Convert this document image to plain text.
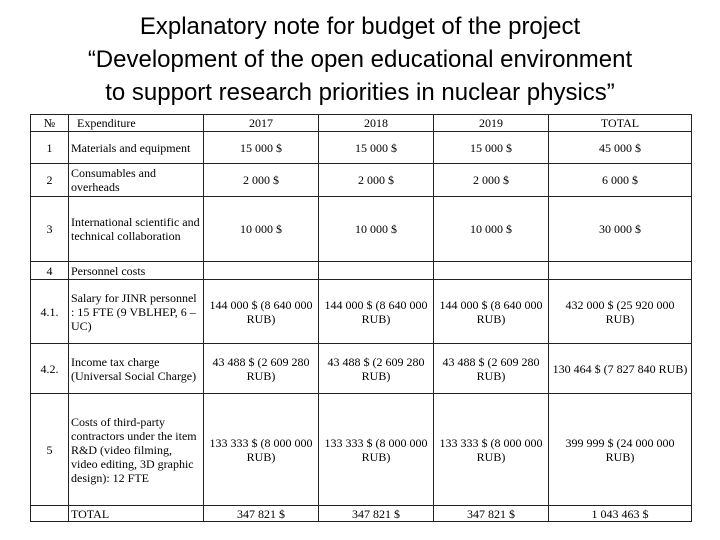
Explanatory note for budget of the project
“Development of the open educational environment
to support research priorities in nuclear physics”
№	Expenditure	2017	2018	2019	TOTAL
1	Materials and equipment	15 000 $	15 000 $	15 000 $	45 000 $
2	Consumables and overheads	2 000 $	2 000 $	2 000 $	6 000 $
3	International scientific and technical collaboration	10 000 $	10 000 $	10 000 $	30 000 $
4	Personnel costs				
4.1.	Salary for JINR personnel : 15 FTE (9 VBLHEP, 6 – UC)	144 000 $ (8 640 000 RUB)	144 000 $ (8 640 000 RUB)	144 000 $ (8 640 000 RUB)	432 000 $ (25 920 000 RUB)
4.2.	Income tax charge (Universal Social Charge)	43 488 $ (2 609 280 RUB)	43 488 $ (2 609 280 RUB)	43 488 $ (2 609 280 RUB)	130 464 $ (7 827 840 RUB)
5	Costs of third-party contractors under the item R&D (video filming, video editing, 3D graphic design): 12 FTE	133 333 $ (8 000 000 RUB)	133 333 $ (8 000 000 RUB)	133 333 $ (8 000 000 RUB)	399 999 $ (24 000 000 RUB)
	TOTAL	347 821 $	347 821 $	347 821 $	1 043 463 $
